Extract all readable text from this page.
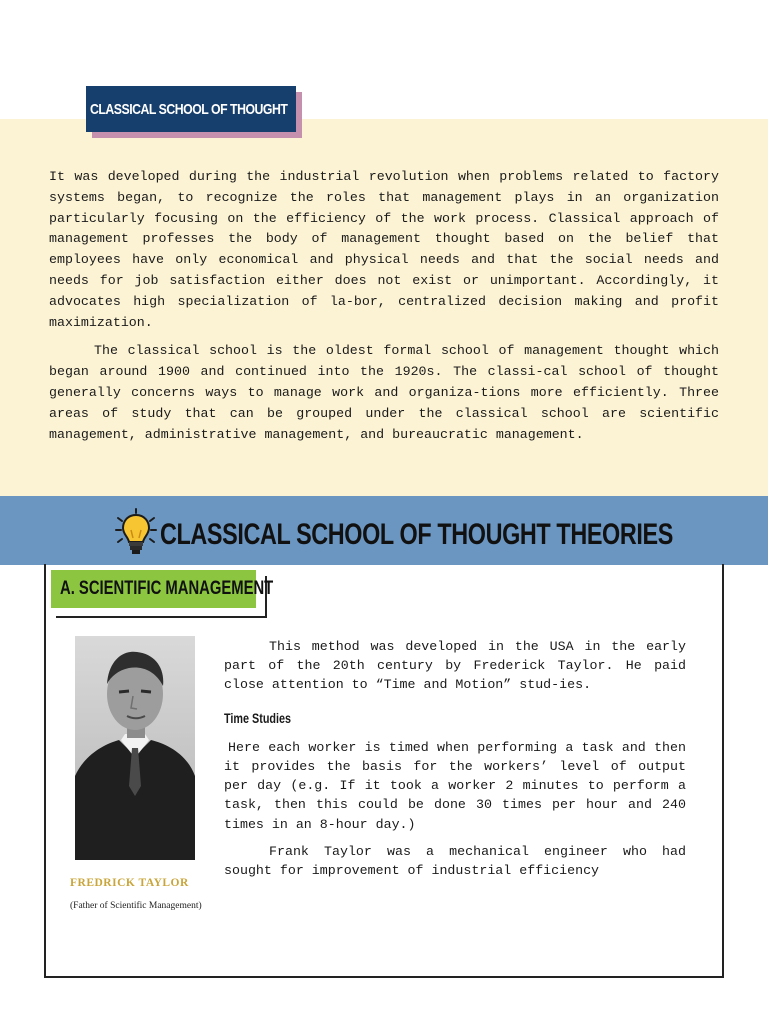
CLASSICAL SCHOOL OF THOUGHT

It was developed during the industrial revolution when problems related to factory systems began, to recognize the roles that management plays in an organization particularly focusing on the efficiency of the work process. Classical approach of management professes the body of management thought based on the belief that employees have only economical and physical needs and that the social needs and needs for job satisfaction either does not exist or unimportant. Accordingly, it advocates high specialization of la-bor, centralized decision making and profit maximization.

The classical school is the oldest formal school of management thought which began around 1900 and continued into the 1920s. The classi-cal school of thought generally concerns ways to manage work and organiza-tions more efficiently. Three areas of study that can be grouped under the classical school are scientific management, administrative management, and bureaucratic management.

CLASSICAL SCHOOL OF THOUGHT THEORIES
A. SCIENTIFIC MANAGEMENT
FREDRICK TAYLOR
(Father of Scientific Management)

This method was developed in the USA in the early part of the 20th century by Frederick Taylor. He paid close attention to “Time and Motion” stud-ies.

Time Studies

Here each worker is timed when performing a task and then it provides the basis for the workers’ level of output per day (e.g. If it took a worker 2 minutes to perform a task, then this could be done 30 times per hour and 240 times in an 8-hour day.)

Frank Taylor was a mechanical engineer who had sought for improvement of industrial efficiency
